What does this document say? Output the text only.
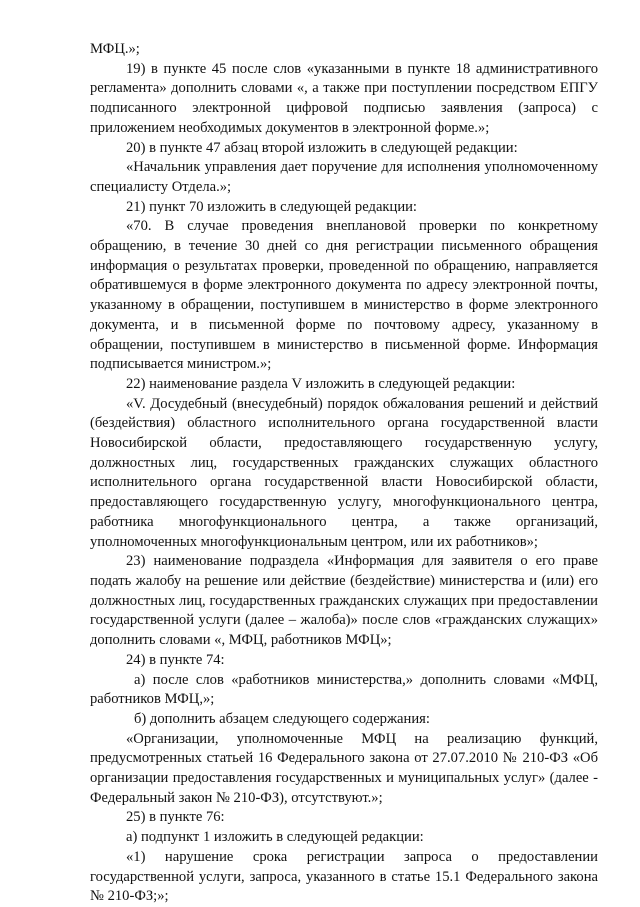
МФЦ.»;

19) в пункте 45 после слов «указанными в пункте 18 административного регламента» дополнить словами «, а также при поступлении посредством ЕПГУ подписанного электронной цифровой подписью заявления (запроса) с приложением необходимых документов в электронной форме.»;

20) в пункте 47 абзац второй изложить в следующей редакции:

«Начальник управления дает поручение для исполнения уполномоченному специалисту Отдела.»;

21) пункт 70 изложить в следующей редакции:

«70. В случае проведения внеплановой проверки по конкретному обращению, в течение 30 дней со дня регистрации письменного обращения информация о результатах проверки, проведенной по обращению, направляется обратившемуся в форме электронного документа по адресу электронной почты, указанному в обращении, поступившем в министерство в форме электронного документа, и в письменной форме по почтовому адресу, указанному в обращении, поступившем в министерство в письменной форме. Информация подписывается министром.»;

22) наименование раздела V изложить в следующей редакции:

«V. Досудебный (внесудебный) порядок обжалования решений и действий (бездействия) областного исполнительного органа государственной власти Новосибирской области, предоставляющего государственную услугу, должностных лиц, государственных гражданских служащих областного исполнительного органа государственной власти Новосибирской области, предоставляющего государственную услугу, многофункционального центра, работника многофункционального центра, а также организаций, уполномоченных многофункциональным центром, или их работников»;

23) наименование подраздела «Информация для заявителя о его праве подать жалобу на решение или действие (бездействие) министерства и (или) его должностных лиц, государственных гражданских служащих при предоставлении государственной услуги (далее – жалоба)» после слов «гражданских служащих» дополнить словами «, МФЦ, работников МФЦ»;

24) в пункте 74:

а) после слов «работников министерства,» дополнить словами «МФЦ, работников МФЦ,»;

б) дополнить абзацем следующего содержания:

«Организации, уполномоченные МФЦ на реализацию функций, предусмотренных статьей 16 Федерального закона от 27.07.2010 № 210-ФЗ «Об организации предоставления государственных и муниципальных услуг» (далее - Федеральный закон № 210-ФЗ), отсутствуют.»;

25) в пункте 76:

а) подпункт 1 изложить в следующей редакции:

«1) нарушение срока регистрации запроса о предоставлении государственной услуги, запроса, указанного в статье 15.1 Федерального закона № 210-ФЗ;»;
